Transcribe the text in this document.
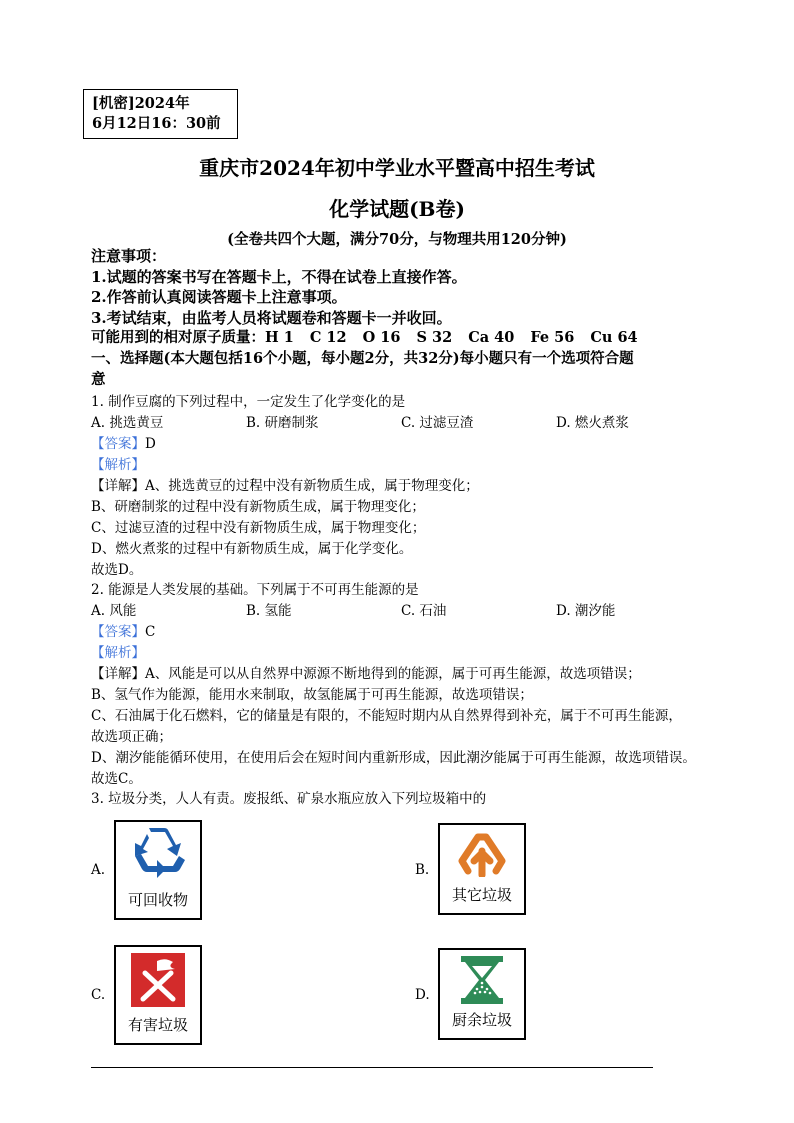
[机密]2024年
6月12日16：30前
重庆市2024年初中学业水平暨高中招生考试
化学试题(B卷)
(全卷共四个大题，满分70分，与物理共用120分钟)
注意事项：
1.试题的答案书写在答题卡上，不得在试卷上直接作答。
2.作答前认真阅读答题卡上注意事项。
3.考试结束，由监考人员将试题卷和答题卡一并收回。
可能用到的相对原子质量：H 1 C 12 O 16 S 32 Ca 40 Fe 56 Cu 64
一、选择题(本大题包括16个小题，每小题2分，共32分)每小题只有一个选项符合题
意
1. 制作豆腐的下列过程中，一定发生了化学变化的是
A. 挑选黄豆	B. 研磨制浆	C. 过滤豆渣	D. 燃火煮浆
【答案】D
【解析】
【详解】A、挑选黄豆的过程中没有新物质生成，属于物理变化；
B、研磨制浆的过程中没有新物质生成，属于物理变化；
C、过滤豆渣的过程中没有新物质生成，属于物理变化；
D、燃火煮浆的过程中有新物质生成，属于化学变化。
故选D。
2. 能源是人类发展的基础。下列属于不可再生能源的是
A. 风能	B. 氢能	C. 石油	D. 潮汐能
【答案】C
【解析】
【详解】A、风能是可以从自然界中源源不断地得到的能源，属于可再生能源，故选项错误；
B、氢气作为能源，能用水来制取，故氢能属于可再生能源，故选项错误；
C、石油属于化石燃料，它的储量是有限的，不能短时期内从自然界得到补充，属于不可再生能源，
故选项正确；
D、潮汐能能循环使用，在使用后会在短时间内重新形成，因此潮汐能属于可再生能源，故选项错误。
故选C。
3. 垃圾分类，人人有责。废报纸、矿泉水瓶应放入下列垃圾箱中的
A.
可回收物
B.
其它垃圾
C.
有害垃圾
D.
厨余垃圾
